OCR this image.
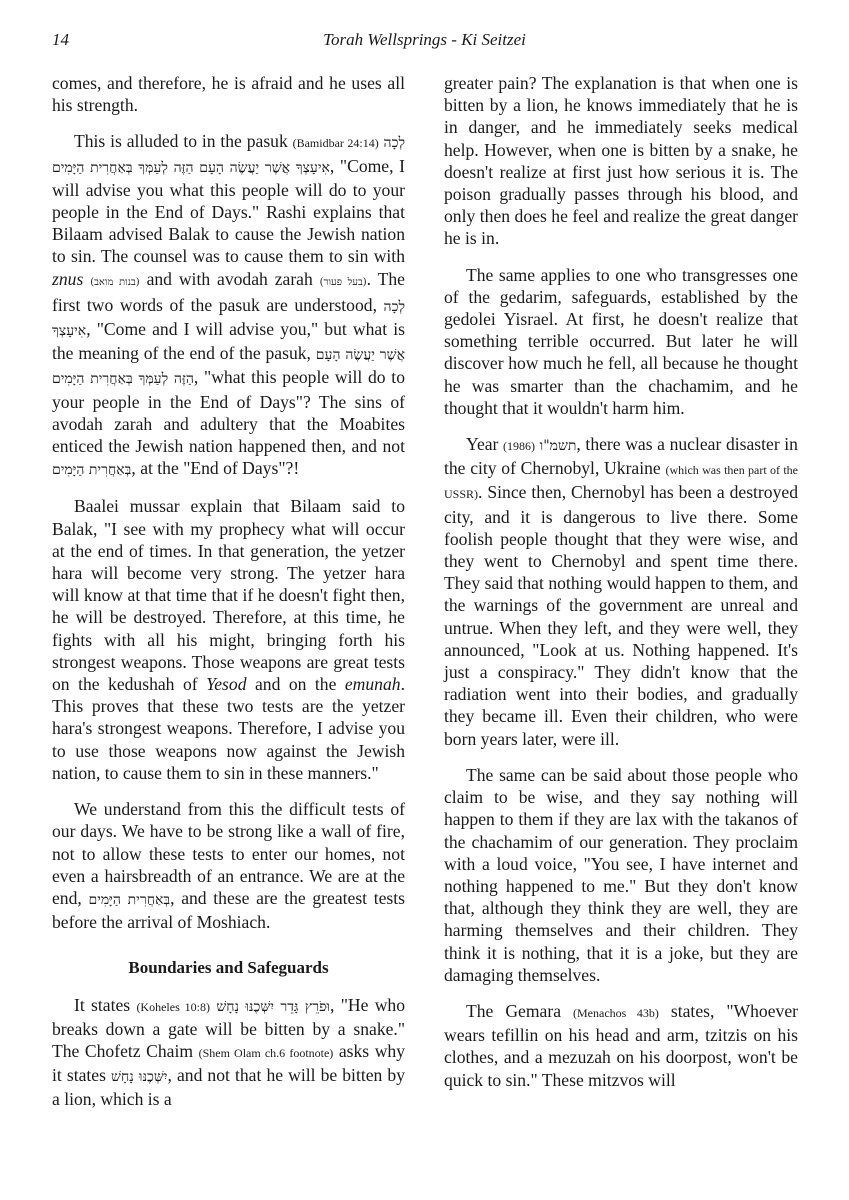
14	Torah Wellsprings - Ki Seitzei

comes, and therefore, he is afraid and he uses all his strength.

This is alluded to in the pasuk (Bamidbar 24:14) לְכָה אִיעָצְךָ אֲשֶׁר יַעֲשֶׂה הָעָם הַזֶּה לְעַמְּךָ בְּאַחֲרִית הַיָּמִים, "Come, I will advise you what this people will do to your people in the End of Days." Rashi explains that Bilaam advised Balak to cause the Jewish nation to sin. The counsel was to cause them to sin with znus (בנות מואב) and with avodah zarah (בעל פעור). The first two words of the pasuk are understood, לְכָה אִיעָצְךָ, "Come and I will advise you," but what is the meaning of the end of the pasuk, אֲשֶׁר יַעֲשֶׂה הָעָם הַזֶּה לְעַמְּךָ בְּאַחֲרִית הַיָּמִים, "what this people will do to your people in the End of Days"? The sins of avodah zarah and adultery that the Moabites enticed the Jewish nation happened then, and not בְּאַחֲרִית הַיָּמִים, at the "End of Days"?!

Baalei mussar explain that Bilaam said to Balak, "I see with my prophecy what will occur at the end of times. In that generation, the yetzer hara will become very strong. The yetzer hara will know at that time that if he doesn't fight then, he will be destroyed. Therefore, at this time, he fights with all his might, bringing forth his strongest weapons. Those weapons are great tests on the kedushah of Yesod and on the emunah. This proves that these two tests are the yetzer hara's strongest weapons. Therefore, I advise you to use those weapons now against the Jewish nation, to cause them to sin in these manners."

We understand from this the difficult tests of our days. We have to be strong like a wall of fire, not to allow these tests to enter our homes, not even a hairsbreadth of an entrance. We are at the end, בְּאַחֲרִית הַיָּמִים, and these are the greatest tests before the arrival of Moshiach.

Boundaries and Safeguards

It states (Koheles 10:8) וּפֹרֵץ גָּדֵר יִשְּׁכֶנּוּ נָחָשׁ, "He who breaks down a gate will be bitten by a snake." The Chofetz Chaim (Shem Olam ch.6 footnote) asks why it states יִשְּׁכֶנּוּ נָחָשׁ, and not that he will be bitten by a lion, which is a

greater pain? The explanation is that when one is bitten by a lion, he knows immediately that he is in danger, and he immediately seeks medical help. However, when one is bitten by a snake, he doesn't realize at first just how serious it is. The poison gradually passes through his blood, and only then does he feel and realize the great danger he is in.

The same applies to one who transgresses one of the gedarim, safeguards, established by the gedolei Yisrael. At first, he doesn't realize that something terrible occurred. But later he will discover how much he fell, all because he thought he was smarter than the chachamim, and he thought that it wouldn't harm him.

Year (1986) תשמ"ו, there was a nuclear disaster in the city of Chernobyl, Ukraine (which was then part of the USSR). Since then, Chernobyl has been a destroyed city, and it is dangerous to live there. Some foolish people thought that they were wise, and they went to Chernobyl and spent time there. They said that nothing would happen to them, and the warnings of the government are unreal and untrue. When they left, and they were well, they announced, "Look at us. Nothing happened. It's just a conspiracy." They didn't know that the radiation went into their bodies, and gradually they became ill. Even their children, who were born years later, were ill.

The same can be said about those people who claim to be wise, and they say nothing will happen to them if they are lax with the takanos of the chachamim of our generation. They proclaim with a loud voice, "You see, I have internet and nothing happened to me." But they don't know that, although they think they are well, they are harming themselves and their children. They think it is nothing, that it is a joke, but they are damaging themselves.

The Gemara (Menachos 43b) states, "Whoever wears tefillin on his head and arm, tzitzis on his clothes, and a mezuzah on his doorpost, won't be quick to sin." These mitzvos will
